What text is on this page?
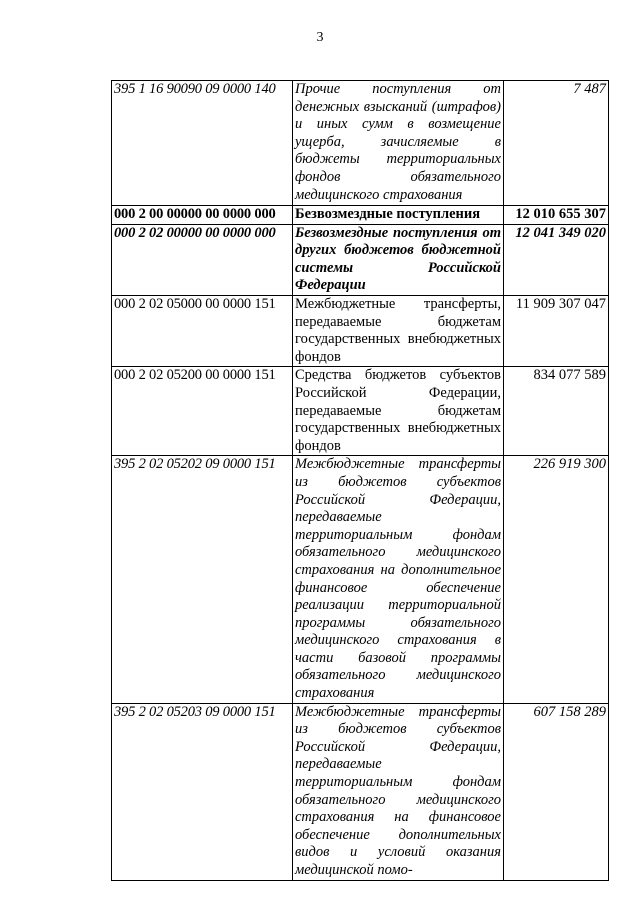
3
395 1 16 90090 09 0000 140	Прочие поступления от денежных взысканий (штрафов) и иных сумм в возмещение ущерба, зачисляемые в бюджеты территориальных фондов обязательного медицинского страхования	7 487
000 2 00 00000 00 0000 000	Безвозмездные поступления	12 010 655 307
000 2 02 00000 00 0000 000	Безвозмездные поступления от других бюджетов бюджетной системы Российской Федерации	12 041 349 020
000 2 02 05000 00 0000 151	Межбюджетные трансферты, передаваемые бюджетам государственных внебюджетных фондов	11 909 307 047
000 2 02 05200 00 0000 151	Средства бюджетов субъектов Российской Федерации, передаваемые бюджетам государственных внебюджетных фондов	834 077 589
395 2 02 05202 09 0000 151	Межбюджетные трансферты из бюджетов субъектов Российской Федерации, передаваемые территориальным фондам обязательного медицинского страхования на дополнительное финансовое обеспечение реализации территориальной программы обязательного медицинского страхования в части базовой программы обязательного медицинского страхования	226 919 300
395 2 02 05203 09 0000 151	Межбюджетные трансферты из бюджетов субъектов Российской Федерации, передаваемые территориальным фондам обязательного медицинского страхования на финансовое обеспечение дополнительных видов и условий оказания медицинской помо-	607 158 289
